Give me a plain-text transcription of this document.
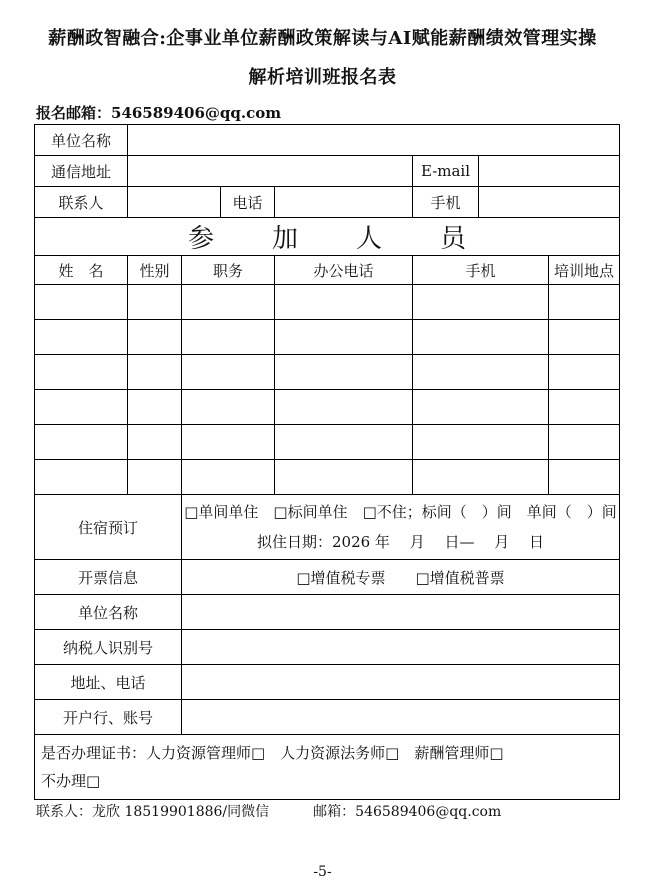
薪酬政智融合:企事业单位薪酬政策解读与AI赋能薪酬绩效管理实操
解析培训班报名表
报名邮箱：546589406@qq.com
单位名称							
通信地址					E-mail		
联系人			电话		手机		
参加人员							
姓　名	性别	职务		办公电话	手机		培训地点

住宿预订		□单间单住　□标间单住　□不住；标间（　）间　单间（　）间
拟住日期：2026 年　 月　 日—　 月　 日					

开票信息		□增值税专票　　□增值税普票					
单位名称							
纳税人识别号							
地址、电话							
开户行、账号							

是否办理证书：人力资源管理师□　人力资源法务师□　薪酬管理师□
不办理□							
联系人：龙欣 18519901886/同微信	邮箱：546589406@qq.com
-5-
